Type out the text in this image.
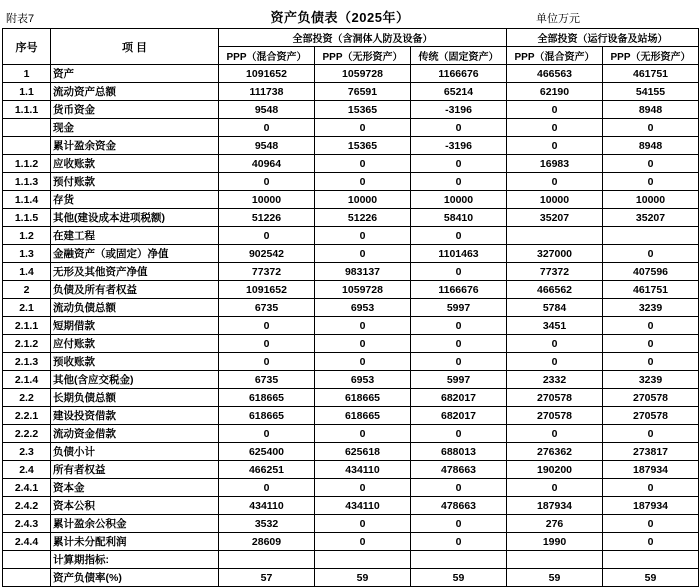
附表7	资产负债表（2025年）	单位万元
序号	项 目	全部投资（含洞体人防及设备）			全部投资（运行设备及站场）	
		PPP（混合资产）	PPP（无形资产）	传统（固定资产）	PPP（混合资产）	PPP（无形资产）
1	资产	1091652	1059728	1166676	466563	461751
1.1	流动资产总额	111738	76591	65214	62190	54155
1.1.1	货币资金	9548	15365	-3196	0	8948
	现金	0	0	0	0	0
	累计盈余资金	9548	15365	-3196	0	8948
1.1.2	应收账款	40964	0	0	16983	0
1.1.3	预付账款	0	0	0	0	0
1.1.4	存货	10000	10000	10000	10000	10000
1.1.5	其他(建设成本进项税额)	51226	51226	58410	35207	35207
1.2	在建工程	0	0	0		
1.3	金融资产（或固定）净值	902542	0	1101463	327000	0
1.4	无形及其他资产净值	77372	983137	0	77372	407596
2	负债及所有者权益	1091652	1059728	1166676	466562	461751
2.1	流动负债总额	6735	6953	5997	5784	3239
2.1.1	短期借款	0	0	0	3451	0
2.1.2	应付账款	0	0	0	0	0
2.1.3	预收账款	0	0	0	0	0
2.1.4	其他(含应交税金)	6735	6953	5997	2332	3239
2.2	长期负债总额	618665	618665	682017	270578	270578
2.2.1	建设投资借款	618665	618665	682017	270578	270578
2.2.2	流动资金借款	0	0	0	0	0
2.3	负债小计	625400	625618	688013	276362	273817
2.4	所有者权益	466251	434110	478663	190200	187934
2.4.1	资本金	0	0	0	0	0
2.4.2	资本公积	434110	434110	478663	187934	187934
2.4.3	累计盈余公积金	3532	0	0	276	0
2.4.4	累计未分配利润	28609	0	0	1990	0
	计算期指标:					
	资产负债率(%)	57	59	59	59	59
